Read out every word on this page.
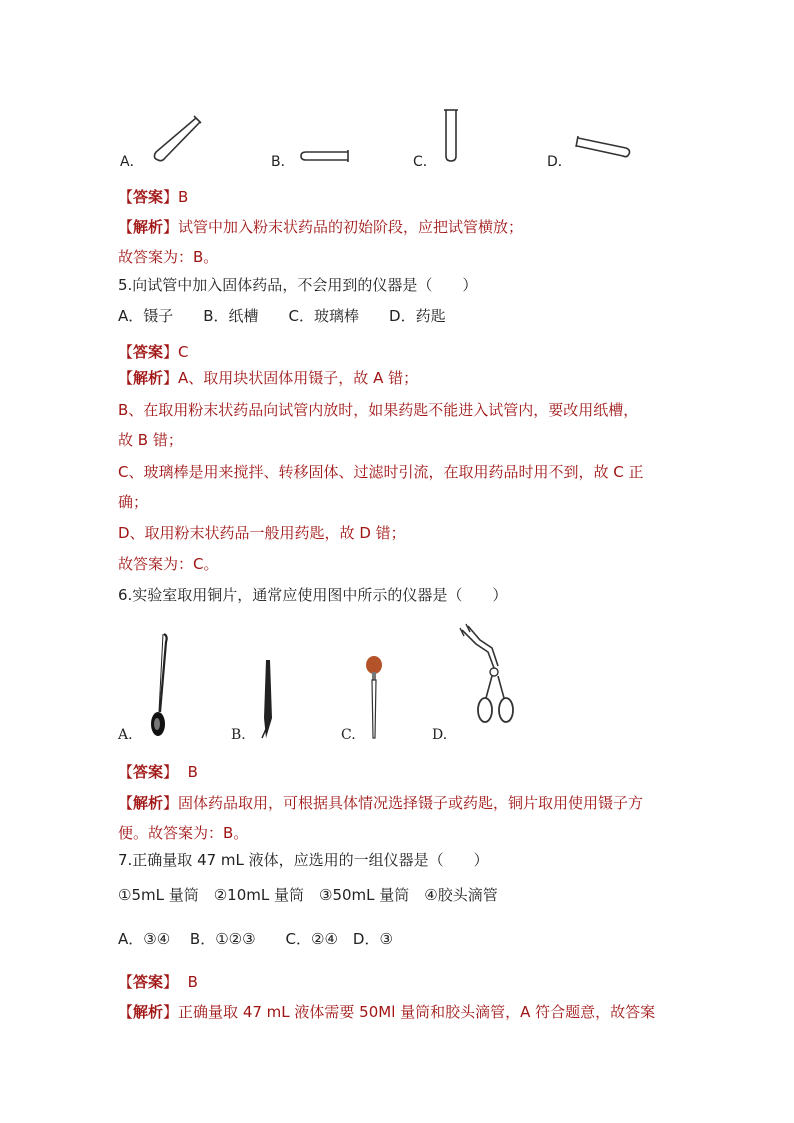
A．	B．	C．	D．
【答案】B
【解析】试管中加入粉末状药品的初始阶段，应把试管横放；
故答案为：B。
5.向试管中加入固体药品，不会用到的仪器是（　　）
A．镊子　　B．纸槽　　C．玻璃棒　　D．药匙
【答案】C
【解析】A、取用块状固体用镊子，故 A 错；
B、在取用粉末状药品向试管内放时，如果药匙不能进入试管内，要改用纸槽，
故 B 错；
C、玻璃棒是用来搅拌、转移固体、过滤时引流，在取用药品时用不到，故 C 正
确；
D、取用粉末状药品一般用药匙，故 D 错；
故答案为：C。
6.实验室取用铜片，通常应使用图中所示的仪器是（　　）
A.	B.	C.	D.
【答案】 B
【解析】固体药品取用，可根据具体情况选择镊子或药匙，铜片取用使用镊子方
便。故答案为：B。
7.正确量取 47 mL 液体，应选用的一组仪器是（　　）
①5mL 量筒　②10mL 量筒　③50mL 量筒　④胶头滴管
A．③④　 B．①②③　　C．②④　D．③
【答案】 B
【解析】正确量取 47 mL 液体需要 50Ml 量筒和胶头滴管，A 符合题意，故答案
